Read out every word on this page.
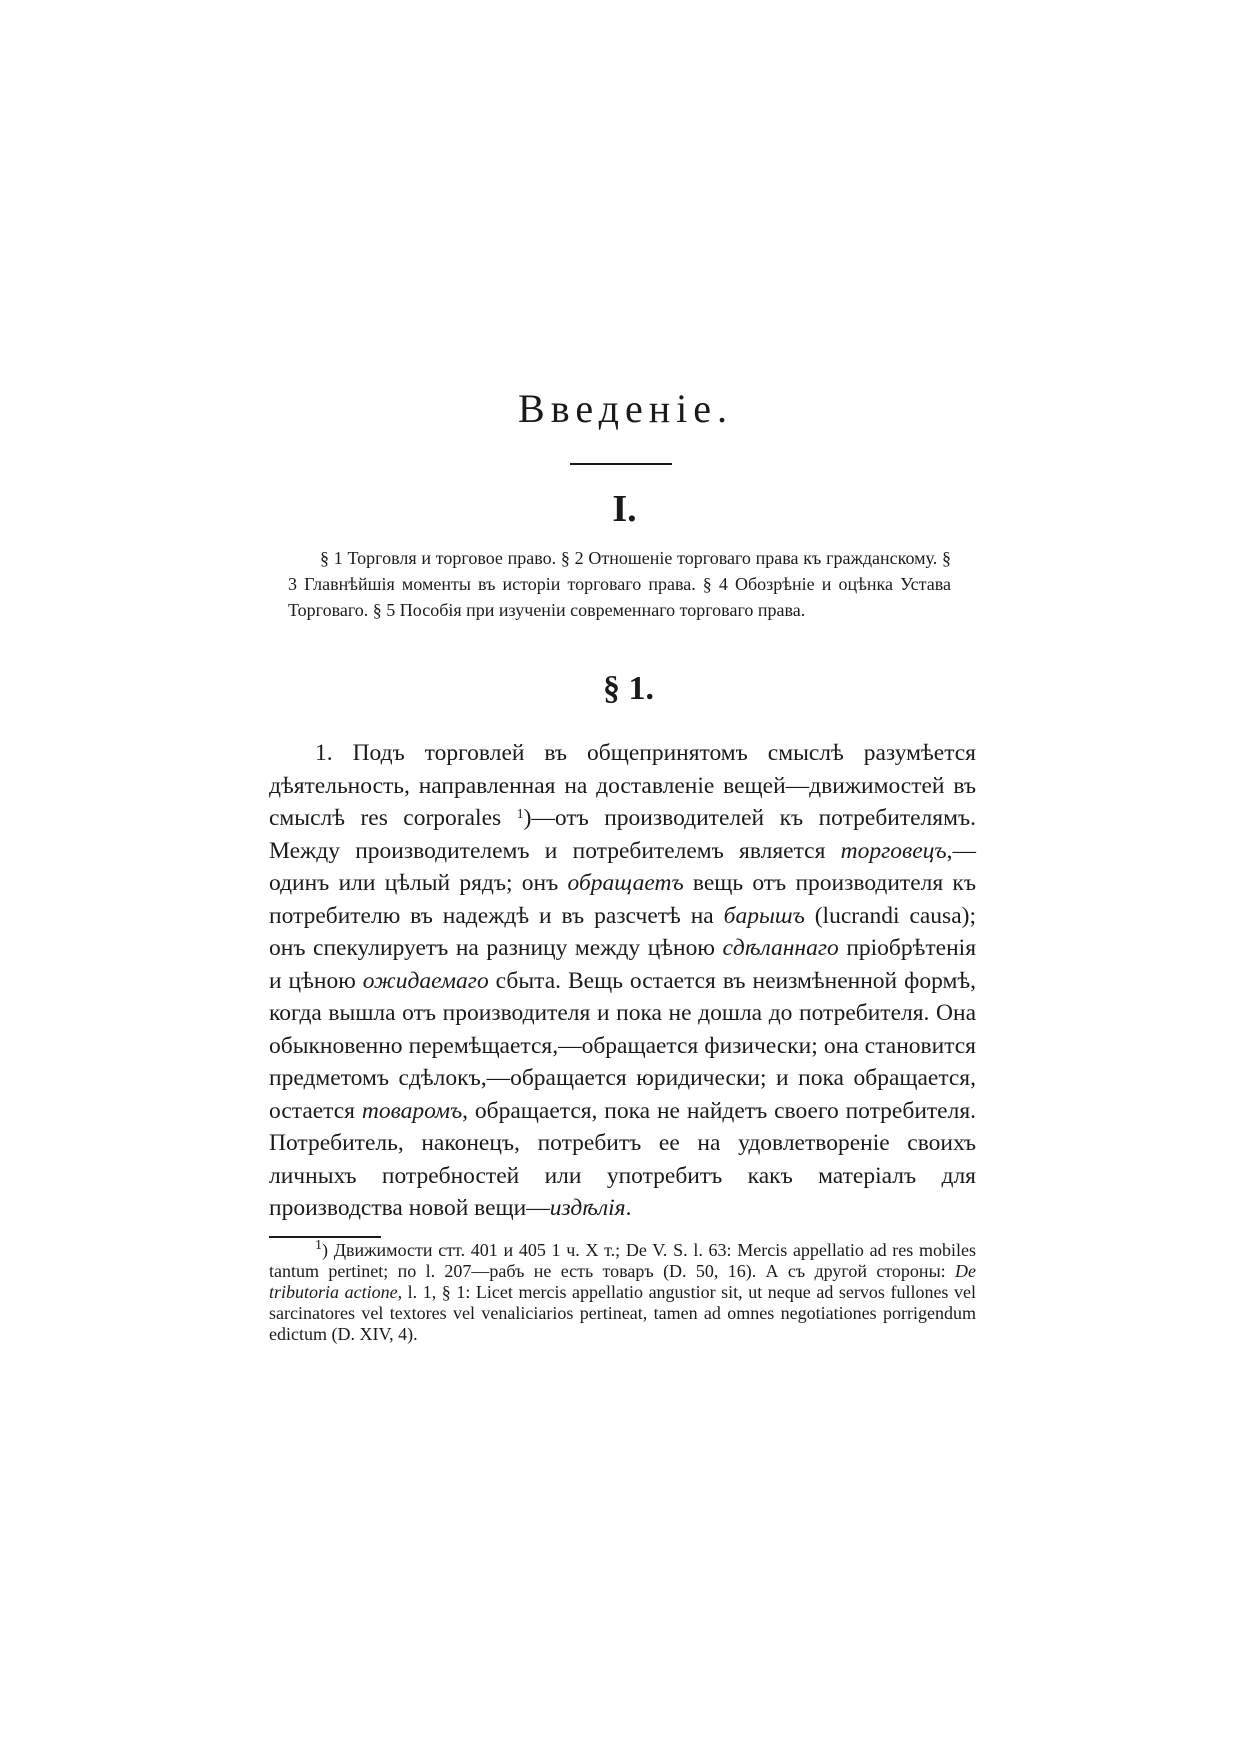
Введеніе.
I.

§ 1 Торговля и торговое право. § 2 Отношеніе торговаго права къ гражданскому. § 3 Главнѣйшія моменты въ исторіи торговаго права. § 4 Обозрѣніе и оцѣнка Устава Торговаго. § 5 Пособія при изученіи современнаго торговаго права.

§ 1.

1. Подъ торговлей въ общепринятомъ смыслѣ разумѣется дѣятельность, направленная на доставленіе вещей—движимостей въ смыслѣ res corporales $^1$)—отъ производителей къ потребителямъ. Между производителемъ и потребителемъ является торговецъ,—одинъ или цѣлый рядъ; онъ обращаетъ вещь отъ производителя къ потребителю въ надеждѣ и въ разсчетѣ на барышъ (lucrandi causa); онъ спекулируетъ на разницу между цѣною сдѣланнаго пріобрѣтенія и цѣною ожидаемаго сбыта. Вещь остается въ неизмѣненной формѣ, когда вышла отъ производителя и пока не дошла до потребителя. Она обыкновенно перемѣщается,—обращается физически; она становится предметомъ сдѣлокъ,—обращается юридически; и пока обращается, остается товаромъ, обращается, пока не найдетъ своего потребителя. Потребитель, наконецъ, потребитъ ее на удовлетвореніе своихъ личныхъ потребностей или употребитъ какъ матеріалъ для производства новой вещи—издѣлія.

$^1$) Движимости стт. 401 и 405 1 ч. X т.; De V. S. l. 63: Mercis appellatio ad res mobiles tantum pertinet; по l. 207—рабъ не есть товаръ (D. 50, 16). А съ другой стороны: De tributoria actione, l. 1, § 1: Licet mercis appellatio angustior sit, ut neque ad servos fullones vel sarcinatores vel textores vel venaliciarios pertineat, tamen ad omnes negotiationes porrigendum edictum (D. XIV, 4).
